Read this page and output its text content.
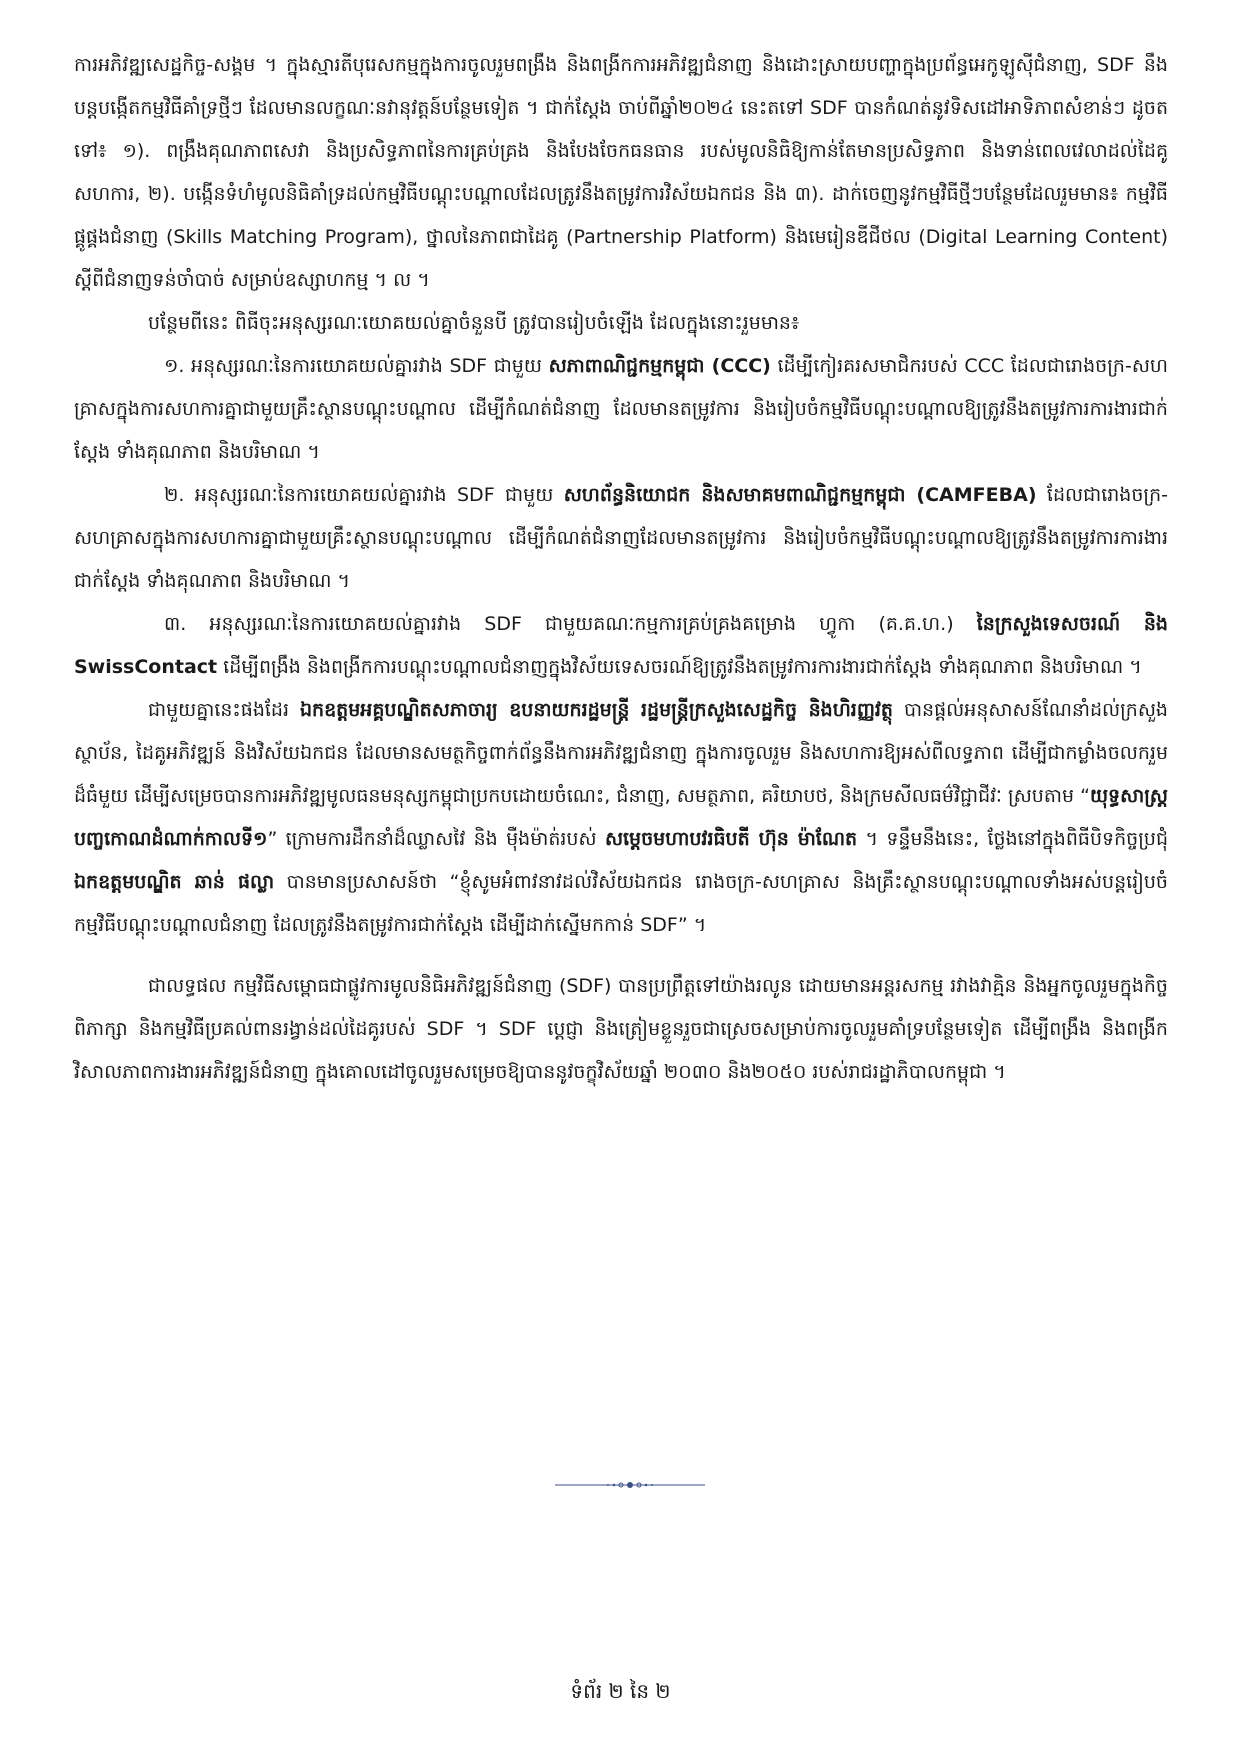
ការអភិវឌ្ឍសេដ្ឋកិច្ច-សង្គម ។ ក្នុងស្មារតីបុរេសកម្មក្នុងការចូលរួមពង្រឹង និងពង្រីកការអភិវឌ្ឍជំនាញ និងដោះស្រាយបញ្ហាក្នុងប្រព័ន្ធអេកូឡូស៊ីជំនាញ, SDF នឹងបន្តបង្កើតកម្មវិធីគាំទ្រថ្មីៗ ដែលមានលក្ខណៈនវានុវត្តន៍បន្ថែមទៀត ។ ជាក់ស្ដែង ចាប់ពីឆ្នាំ២០២៤ នេះតទៅ SDF បានកំណត់នូវទិសដៅអាទិភាពសំខាន់ៗ ដូចតទៅ៖ ១). ពង្រឹងគុណភាពសេវា និងប្រសិទ្ធភាពនៃការគ្រប់គ្រង និងបែងចែកធនធាន របស់មូលនិធិឱ្យកាន់តែមានប្រសិទ្ធភាព និងទាន់ពេលវេលាដល់ដៃគូសហការ, ២). បង្កើនទំហំមូលនិធិគាំទ្រដល់កម្មវិធីបណ្ដុះបណ្ដាលដែលត្រូវនឹងតម្រូវការវិស័យឯកជន និង ៣). ដាក់ចេញនូវកម្មវិធីថ្មីៗបន្ថែមដែលរួមមាន៖ កម្មវិធីផ្គូផ្គងជំនាញ (Skills Matching Program), ថ្នាលនៃភាពជាដៃគូ (Partnership Platform) និងមេរៀនឌីជីថល (Digital Learning Content) ស្ដីពីជំនាញទន់ចាំបាច់ សម្រាប់ឧស្សាហកម្ម ។ ល ។

បន្ថែមពីនេះ ពិធីចុះអនុស្សរណៈយោគយល់គ្នាចំនួនបី ត្រូវបានរៀបចំឡើង ដែលក្នុងនោះរួមមាន៖

១. អនុស្សរណៈនៃការយោគយល់គ្នារវាង SDF ជាមួយ សភាពាណិជ្ជកម្មកម្ពុជា (CCC) ដើម្បីកៀរគរសមាជិករបស់ CCC ដែលជារោងចក្រ-សហគ្រាសក្នុងការសហការគ្នាជាមួយគ្រឹះស្ថានបណ្ដុះបណ្ដាល ដើម្បីកំណត់ជំនាញ ដែលមានតម្រូវការ និងរៀបចំកម្មវិធីបណ្ដុះបណ្ដាលឱ្យត្រូវនឹងតម្រូវការការងារជាក់ស្ដែង ទាំងគុណភាព និងបរិមាណ ។

២. អនុស្សរណៈនៃការយោគយល់គ្នារវាង SDF ជាមួយ សហព័ន្ធនិយោជក និងសមាគមពាណិជ្ជកម្មកម្ពុជា (CAMFEBA) ដែលជារោងចក្រ-សហគ្រាសក្នុងការសហការគ្នាជាមួយគ្រឹះស្ថានបណ្ដុះបណ្ដាល ដើម្បីកំណត់ជំនាញដែលមានតម្រូវការ និងរៀបចំកម្មវិធីបណ្ដុះបណ្ដាលឱ្យត្រូវនឹងតម្រូវការការងារជាក់ស្ដែង ទាំងគុណភាព និងបរិមាណ ។

៣. អនុស្សរណៈនៃការយោគយល់គ្នារវាង SDF ជាមួយគណៈកម្មការគ្រប់គ្រងគម្រោង ហ្វូកា (គ.គ.ហ.) នៃក្រសួងទេសចរណ៍ និង SwissContact ដើម្បីពង្រឹង និងពង្រីកការបណ្ដុះបណ្ដាលជំនាញក្នុងវិស័យទេសចរណ៍ឱ្យត្រូវនឹងតម្រូវការការងារជាក់ស្ដែង ទាំងគុណភាព និងបរិមាណ ។

ជាមួយគ្នានេះផងដែរ ឯកឧត្តមអគ្គបណ្ឌិតសភាចារ្យ ឧបនាយករដ្ឋមន្ត្រី រដ្ឋមន្ត្រីក្រសួងសេដ្ឋកិច្ច និងហិរញ្ញវត្ថុ បានផ្ដល់អនុសាសន៍ណែនាំដល់ក្រសួងស្ថាប័ន, ដៃគូអភិវឌ្ឍន៍ និងវិស័យឯកជន ដែលមានសមត្ថកិច្ចពាក់ព័ន្ធនឹងការអភិវឌ្ឍជំនាញ ក្នុងការចូលរួម និងសហការឱ្យអស់ពីលទ្ធភាព ដើម្បីជាកម្លាំងចលករួមដ៏ធំមួយ ដើម្បីសម្រេចបានការអភិវឌ្ឍមូលធនមនុស្សកម្ពុជាប្រកបដោយចំណេះ, ជំនាញ, សមត្ថភាព, គរិយាបថ, និងក្រមសីលធម៌វិជ្ជាជីវៈ ស្របតាម “យុទ្ធសាស្ត្របញ្ចកោណដំណាក់កាលទី១” ក្រោមការដឹកនាំដ៏ឈ្លាសវៃ និង ម៉ឺងម៉ាត់របស់ សម្ដេចមហាបវរធិបតី ហ៊ុន ម៉ាណែត ។ ទន្ទឹមនឹងនេះ, ថ្លែងនៅក្នុងពិធីបិទកិច្ចប្រជុំ ឯកឧត្តមបណ្ឌិត ឆាន់ ផល្លា បានមានប្រសាសន៍ថា “ខ្ញុំសូមអំពាវនាវដល់វិស័យឯកជន រោងចក្រ-សហគ្រាស និងគ្រឹះស្ថានបណ្ដុះបណ្ដាលទាំងអស់បន្តរៀបចំកម្មវិធីបណ្ដុះបណ្ដាលជំនាញ ដែលត្រូវនឹងតម្រូវការជាក់ស្ដែង ដើម្បីដាក់ស្នើមកកាន់ SDF” ។

ជាលទ្ធផល កម្មវិធីសម្ពោធជាផ្លូវការមូលនិធិអភិវឌ្ឍន៍ជំនាញ (SDF) បានប្រព្រឹត្តទៅយ៉ាងរលូន ដោយមានអន្តរសកម្ម រវាងវាគ្មិន និងអ្នកចូលរួមក្នុងកិច្ចពិភាក្សា និងកម្មវិធីប្រគល់ពានរង្វាន់ដល់ដៃគូរបស់ SDF ។ SDF ប្ដេជ្ញា និងត្រៀមខ្លួនរួចជាស្រេចសម្រាប់ការចូលរួមគាំទ្របន្ថែមទៀត ដើម្បីពង្រឹង និងពង្រីកវិសាលភាពការងារអភិវឌ្ឍន៍ជំនាញ ក្នុងគោលដៅចូលរួមសម្រេចឱ្យបាននូវចក្ខុវិស័យឆ្នាំ ២០៣០ និង២០៥០ របស់រាជរដ្ឋាភិបាលកម្ពុជា ។

ទំព័រ ២ នៃ ២
